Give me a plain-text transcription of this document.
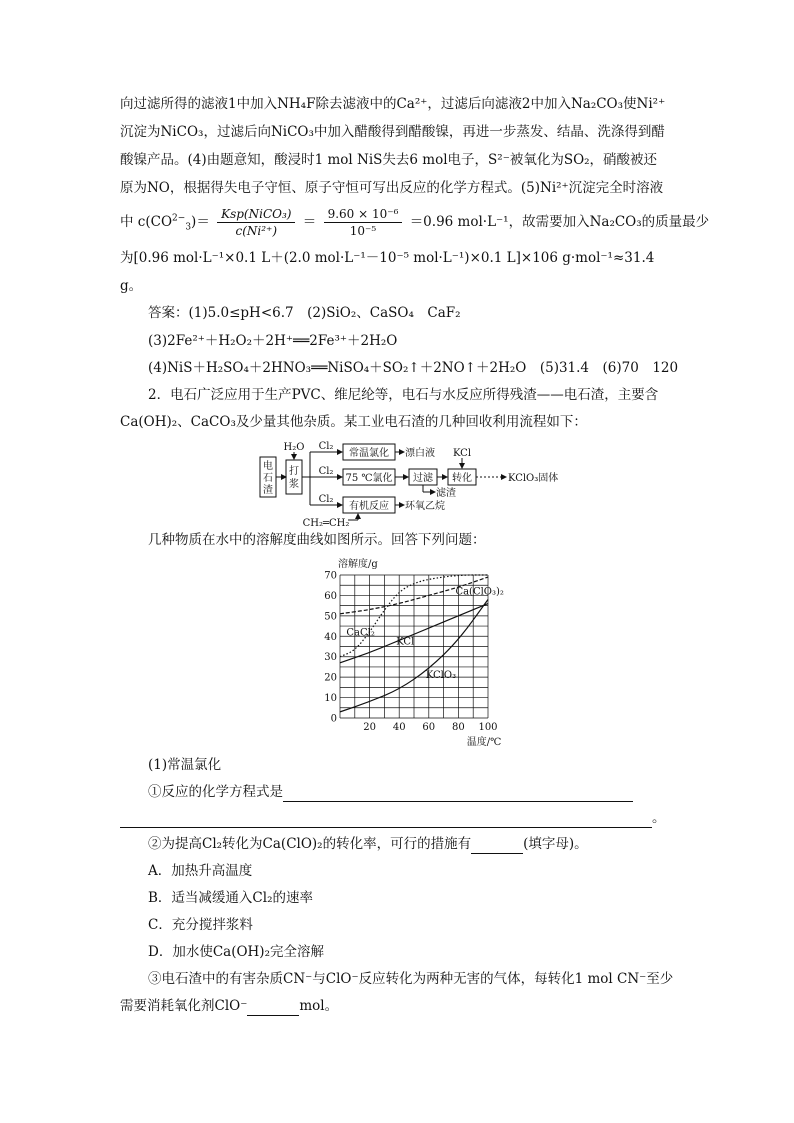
向过滤所得的滤液1中加入NH₄F除去滤液中的Ca²⁺，过滤后向滤液2中加入Na₂CO₃使Ni²⁺
沉淀为NiCO₃，过滤后向NiCO₃中加入醋酸得到醋酸镍，再进一步蒸发、结晶、洗涤得到醋
酸镍产品。(4)由题意知，酸浸时1 mol NiS失去6 mol电子，S²⁻被氧化为SO₂，硝酸被还
原为NO，根据得失电子守恒、原子守恒可写出反应的化学方程式。(5)Ni²⁺沉淀完全时溶液
中 $c(CO^{2-}_3)= \frac{\text{Ksp(NiCO₃)}}{\text{c(Ni²⁺)}} = \frac{\text{9.60 × 10⁻⁶}}{\text{10⁻⁵}} =0.96$ mol·L⁻¹，故需要加入Na₂CO₃的质量最少
为[0.96 mol·L⁻¹×0.1 L＋(2.0 mol·L⁻¹－10⁻⁵ mol·L⁻¹)×0.1 L]×106 g·mol⁻¹≈31.4
g。
答案：(1)5.0≤pH<6.7　(2)SiO₂、CaSO₄　CaF₂
(3)2Fe²⁺＋H₂O₂＋2H⁺══2Fe³⁺＋2H₂O
(4)NiS＋H₂SO₄＋2HNO₃══NiSO₄＋SO₂↑＋2NO↑＋2H₂O　(5)31.4　(6)70　120
2．电石广泛应用于生产PVC、维尼纶等，电石与水反应所得残渣——电石渣，主要含
Ca(OH)₂、CaCO₃及少量其他杂质。某工业电石渣的几种回收利用流程如下：
电
石
渣
H₂O
打
浆
Cl₂
Cl₂
Cl₂
常温氯化 漂白液
75 ℃氯化 过滤
滤渣
转化
KCl
KClO₃固体
有机反应 环氧乙烷
CH₂═CH₂
几种物质在水中的溶解度曲线如图所示。回答下列问题：
0
10
20
30
40
50
60
70
20 40 60 80 100
溶解度/g
温度/℃
Ca(ClO₃)₂
CaCl₂
KCl
KClO₃
(1)常温氯化
①反应的化学方程式是
。
②为提高Cl₂转化为Ca(ClO)₂的转化率，可行的措施有	(填字母)。
A．加热升高温度
B．适当减缓通入Cl₂的速率
C．充分搅拌浆料
D．加水使Ca(OH)₂完全溶解
③电石渣中的有害杂质CN⁻与ClO⁻反应转化为两种无害的气体，每转化1 mol CN⁻至少
需要消耗氧化剂ClO⁻	mol。
